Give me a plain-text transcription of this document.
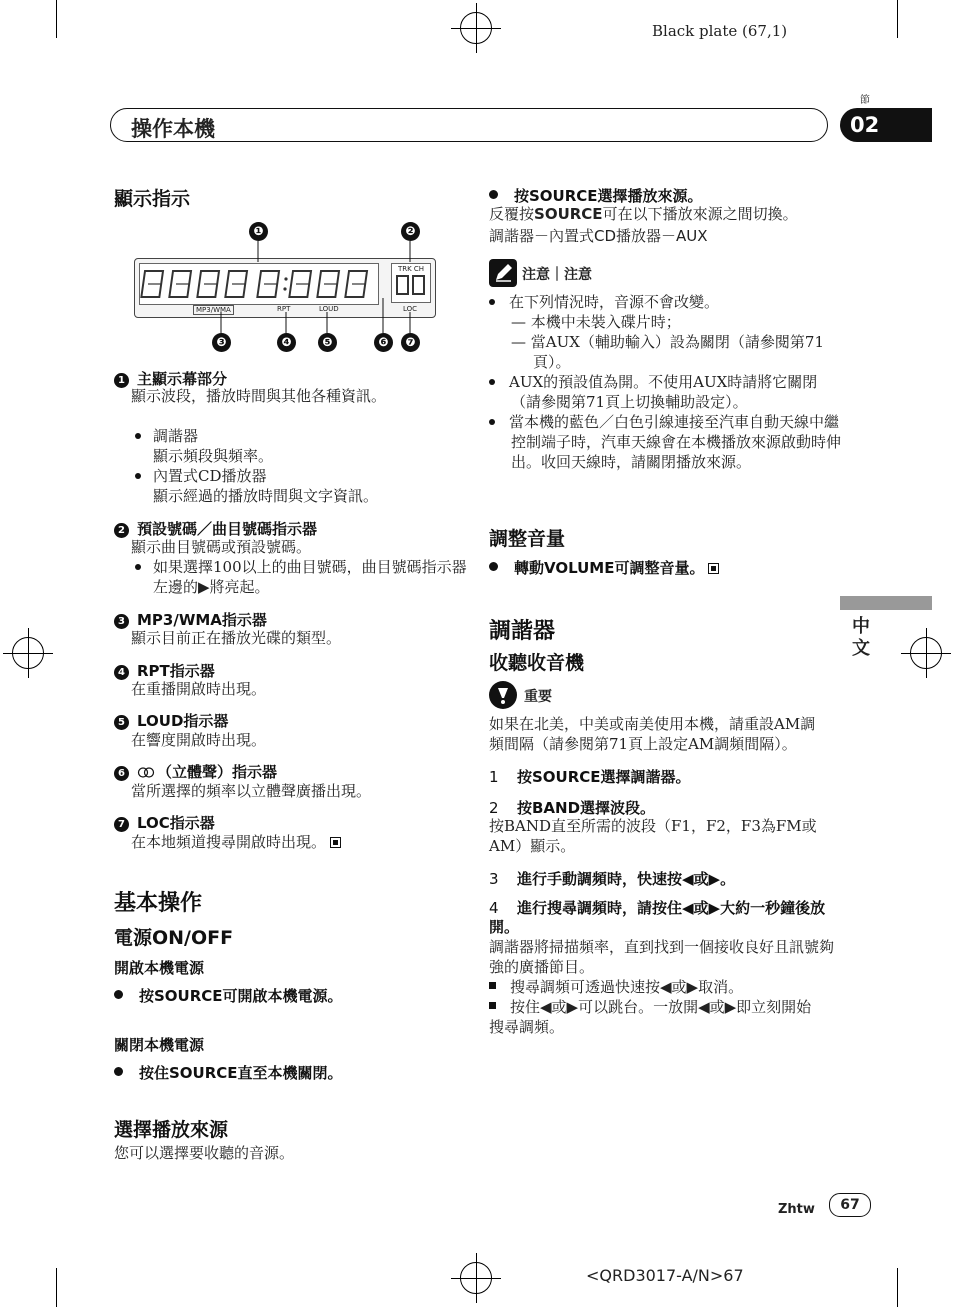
Black plate (67,1)
節
操作本機	02
中文
顯示指示
TRK CH
MP3/WMA	RPT	LOUD	LOC
❶	❷
❸	❹	❺	❻	❼
1 主顯示幕部分
顯示波段，播放時間與其他各種資訊。
調諧器
顯示頻段與頻率。
內置式CD播放器
顯示經過的播放時間與文字資訊。
2 預設號碼／曲目號碼指示器
顯示曲目號碼或預設號碼。
如果選擇100以上的曲目號碼，曲目號碼指示器左邊的▶將亮起。
3 MP3/WMA指示器
顯示目前正在播放光碟的類型。
4 RPT指示器
在重播開啟時出現。
5 LOUD指示器
在響度開啟時出現。
6 （立體聲）指示器
當所選擇的頻率以立體聲廣播出現。
7 LOC指示器
在本地頻道搜尋開啟時出現。
基本操作
電源ON/OFF
開啟本機電源
按SOURCE可開啟本機電源。
關閉本機電源
按住SOURCE直至本機關閉。
選擇播放來源
您可以選擇要收聽的音源。
按SOURCE選擇播放來源。
反覆按SOURCE可在以下播放來源之間切換。
調諧器－內置式CD播放器－AUX
注意｜注意
在下列情況時，音源不會改變。
— 本機中未裝入碟片時；
— 當AUX（輔助輸入）設為關閉（請參閱第71頁）。
AUX的預設值為開。不使用AUX時請將它關閉（請參閱第71頁上切換輔助設定）。
當本機的藍色／白色引線連接至汽車自動天線中繼控制端子時，汽車天線會在本機播放來源啟動時伸出。收回天線時，請關閉播放來源。
調整音量
轉動VOLUME可調整音量。
調諧器
收聽收音機
重要
如果在北美，中美或南美使用本機，請重設AM調頻間隔（請參閱第71頁上設定AM調頻間隔）。
1 按SOURCE選擇調諧器。
2 按BAND選擇波段。
按BAND直至所需的波段（F1，F2，F3為FM或AM）顯示。
3 進行手動調頻時，快速按◀或▶。
4 進行搜尋調頻時，請按住◀或▶大約一秒鐘後放開。
調諧器將掃描頻率，直到找到一個接收良好且訊號夠強的廣播節目。
搜尋調頻可透過快速按◀或▶取消。
按住◀或▶可以跳台。一放開◀或▶即立刻開始搜尋調頻。
Zhtw	67
<QRD3017-A/N>67
